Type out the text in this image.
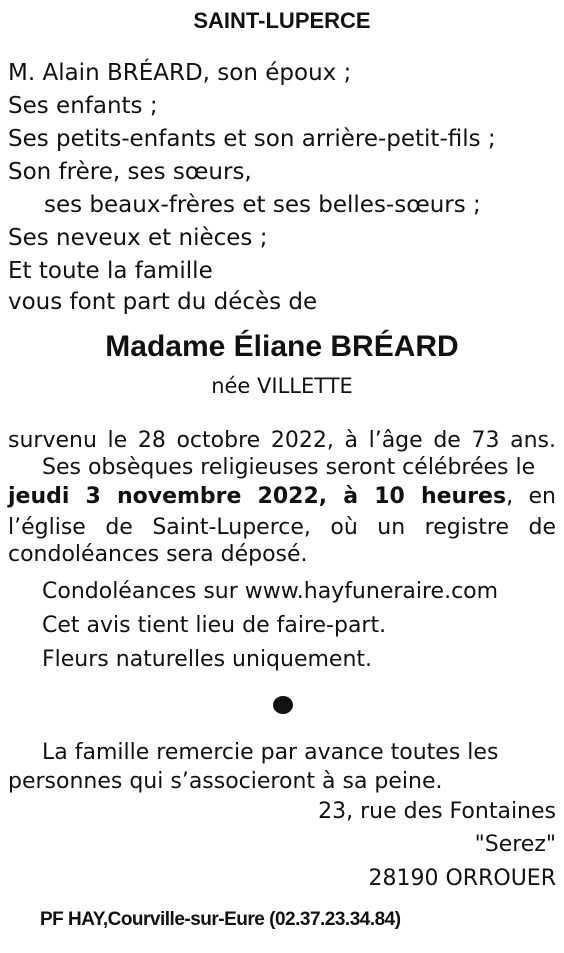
SAINT-LUPERCE
M. Alain BRÉARD, son époux ;
Ses enfants ;
Ses petits-enfants et son arrière-petit-fils ;
Son frère, ses sœurs,
ses beaux-frères et ses belles-sœurs ;
Ses neveux et nièces ;
Et toute la famille
vous font part du décès de
Madame Éliane BRÉARD
née VILLETTE
survenu le 28 octobre 2022, à l’âge de 73 ans.
Ses obsèques religieuses seront célébrées le
jeudi 3 novembre 2022, à 10 heures, en
l’église de Saint-Luperce, où un registre de
condoléances sera déposé.
Condoléances sur www.hayfuneraire.com
Cet avis tient lieu de faire-part.
Fleurs naturelles uniquement.
La famille remercie par avance toutes les
personnes qui s’associeront à sa peine.
23, rue des Fontaines
"Serez"
28190 ORROUER
PF HAY,Courville-sur-Eure (02.37.23.34.84)
